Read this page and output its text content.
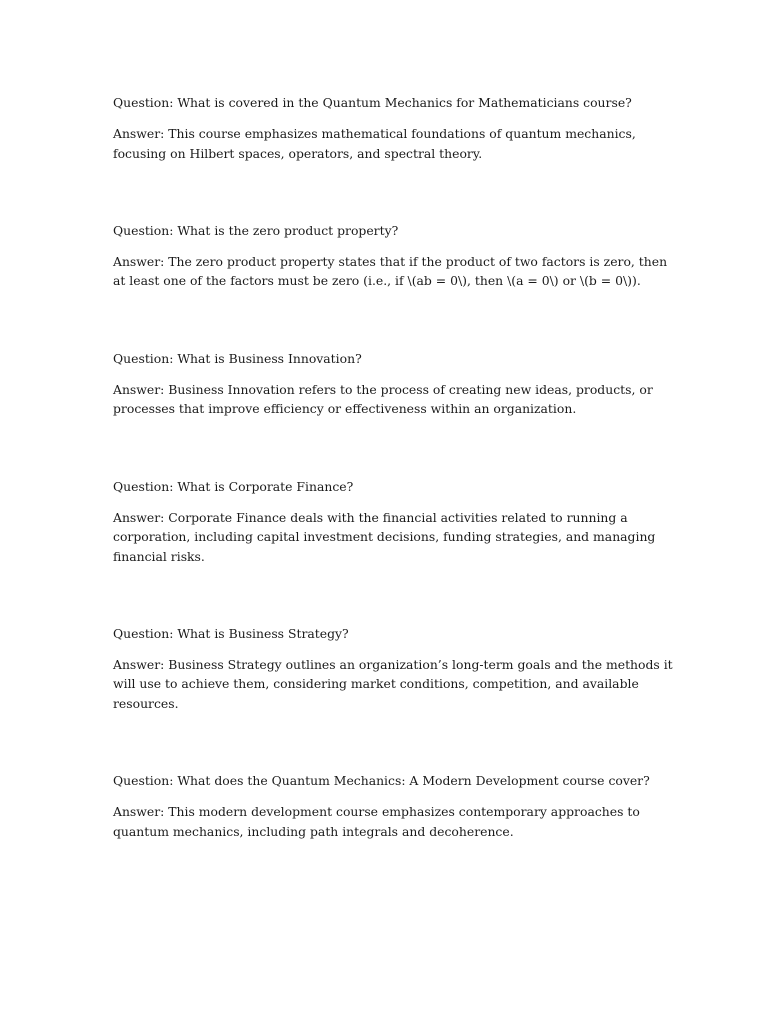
Question: What is covered in the Quantum Mechanics for Mathematicians course?

Answer: This course emphasizes mathematical foundations of quantum mechanics, focusing on Hilbert spaces, operators, and spectral theory.

Question: What is the zero product property?

Answer: The zero product property states that if the product of two factors is zero, then at least one of the factors must be zero (i.e., if \(ab = 0\), then \(a = 0\) or \(b = 0\)).

Question: What is Business Innovation?

Answer: Business Innovation refers to the process of creating new ideas, products, or processes that improve efficiency or effectiveness within an organization.

Question: What is Corporate Finance?

Answer: Corporate Finance deals with the financial activities related to running a corporation, including capital investment decisions, funding strategies, and managing financial risks.

Question: What is Business Strategy?

Answer: Business Strategy outlines an organization’s long-term goals and the methods it will use to achieve them, considering market conditions, competition, and available resources.

Question: What does the Quantum Mechanics: A Modern Development course cover?

Answer: This modern development course emphasizes contemporary approaches to quantum mechanics, including path integrals and decoherence.
